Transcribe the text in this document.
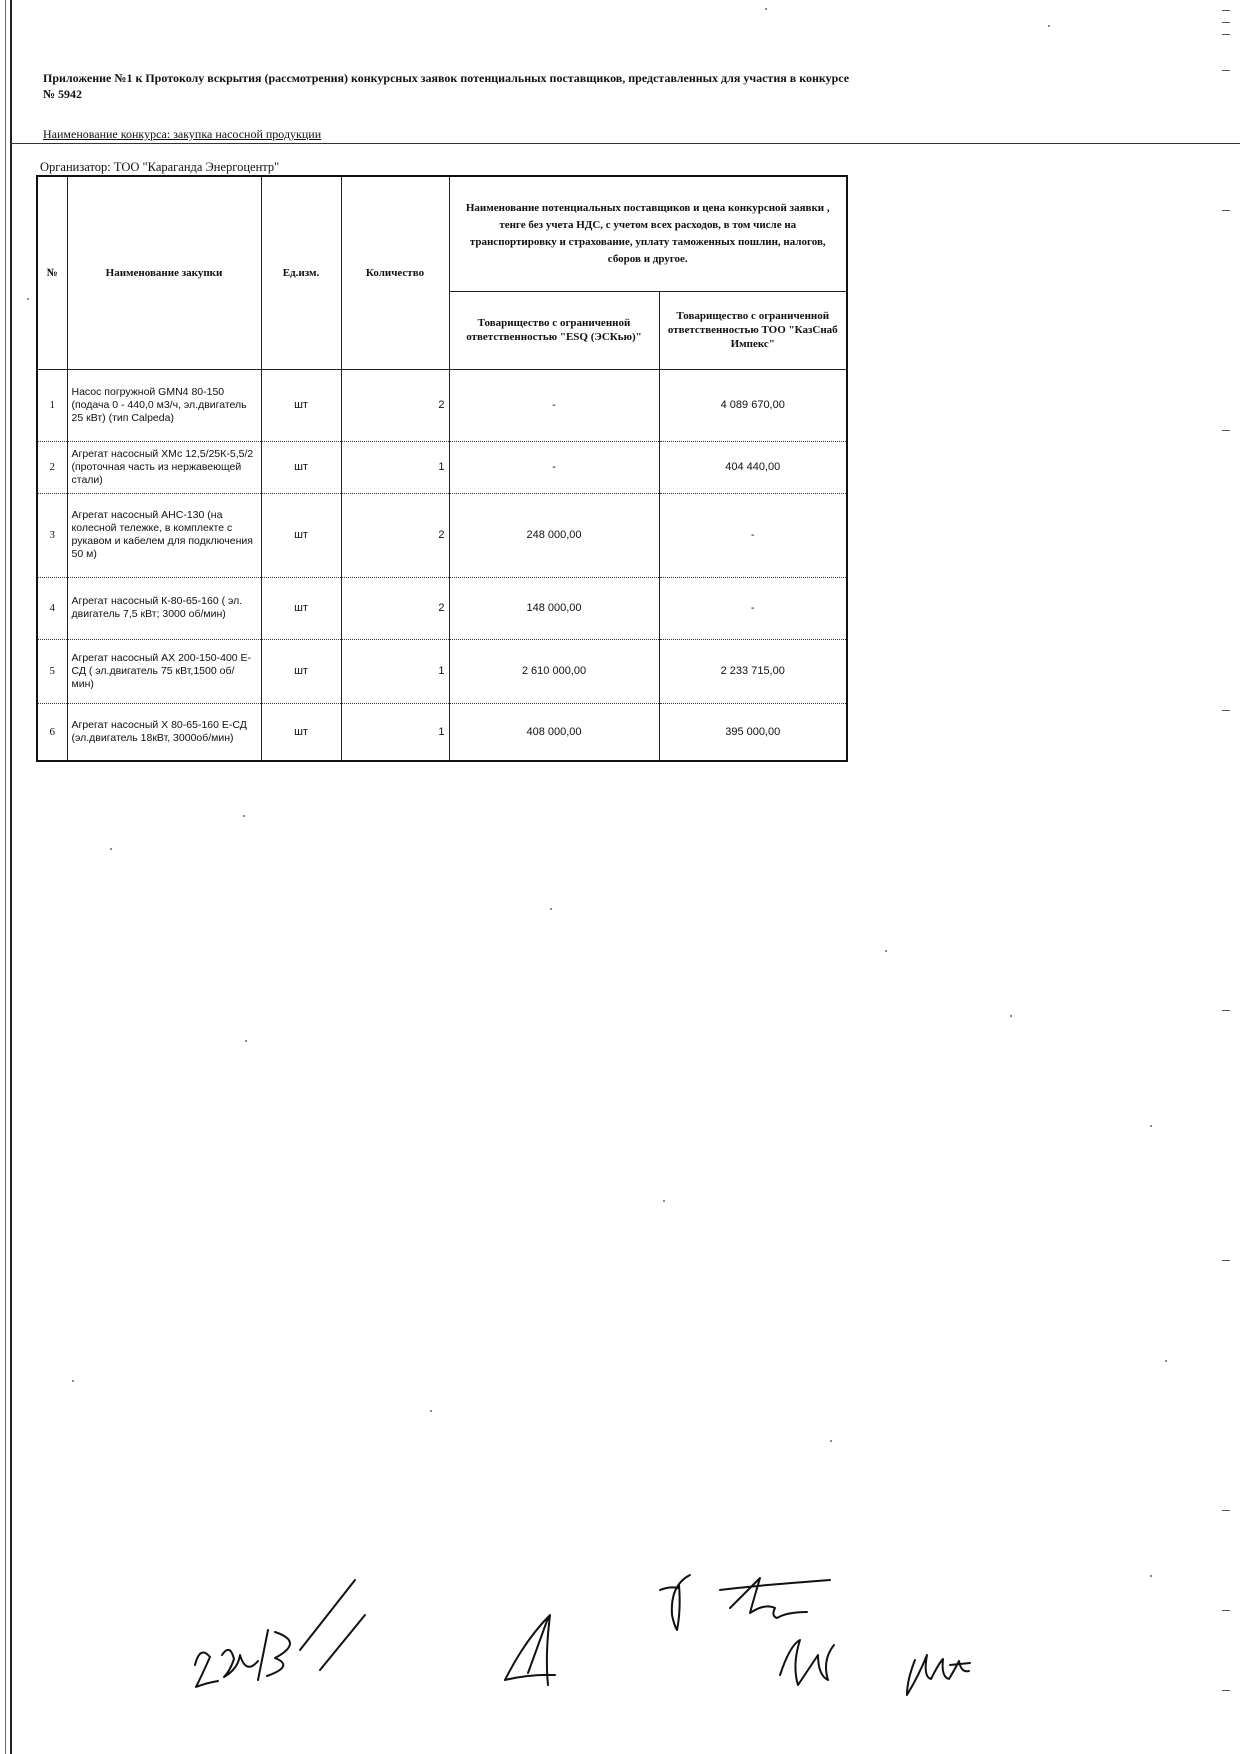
Приложение №1 к Протоколу вскрытия (рассмотрения) конкурсных заявок потенциальных поставщиков, представленных для участия в конкурсе № 5942
Наименование конкурса: закупка насосной продукции
Организатор: ТОО "Караганда Энергоцентр"
№	Наименование закупки	Ед.изм.	Количество	Наименование потенциальных поставщиков и цена конкурсной заявки , тенге без учета НДС, с учетом всех расходов, в том числе на транспортировку и страхование, уплату таможенных пошлин, налогов, сборов и другое.	
				Товарищество с ограниченной ответственностью "ESQ (ЭСКью)"	Товарищество с ограниченной ответственностью ТОО "КазСнаб Импекс"
1	Насос погружной GMN4 80-150 (подача 0 - 440,0 м3/ч, эл.двигатель 25 кВт) (тип Calpeda)	шт	2	-	4 089 670,00
2	Агрегат насосный ХМс 12,5/25К-5,5/2 (проточная часть из нержавеющей стали)	шт	1	-	404 440,00
3	Агрегат насосный АНС-130 (на колесной тележке, в комплекте с рукавом и кабелем для подключения 50 м)	шт	2	248 000,00	-
4	Агрегат насосный К-80-65-160 ( эл. двигатель 7,5 кВт; 3000 об/мин)	шт	2	148 000,00	-
5	Агрегат насосный АХ 200-150-400 Е-СД ( эл.двигатель 75 кВт,1500 об/мин)	шт	1	2 610 000,00	2 233 715,00
6	Агрегат насосный Х 80-65-160 Е-СД (эл.двигатель 18кВт, 3000об/мин)	шт	1	408 000,00	395 000,00
